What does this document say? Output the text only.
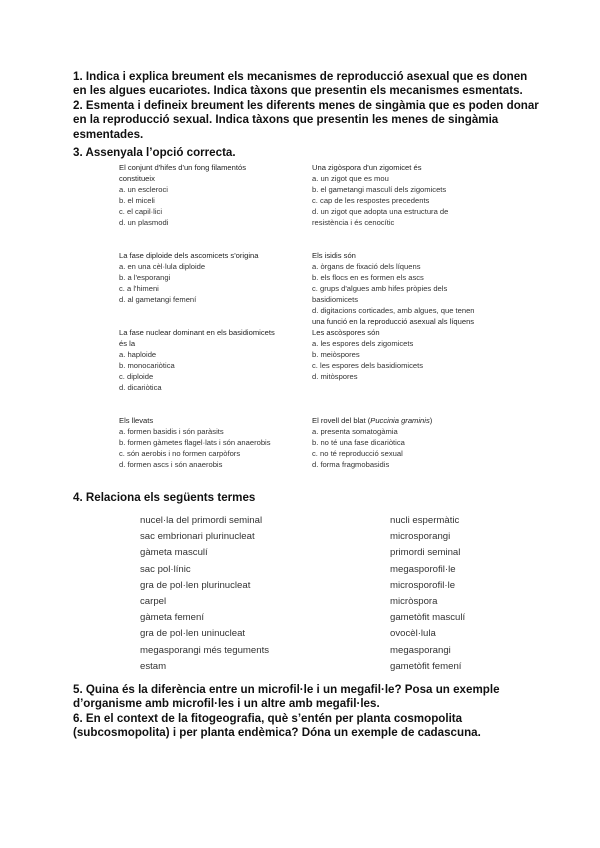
1. Indica i explica breument els mecanismes de reproducció asexual que es donen en les algues eucariotes. Indica tàxons que presentin els mecanismes esmentats.

2. Esmenta i defineix breument les diferents menes de singàmia que es poden donar en la reproducció sexual. Indica tàxons que presentin les menes de singàmia esmentades.

3. Assenyala l’opció correcta.
El conjunt d'hifes d'un fong filamentós
constitueix
a. un escleroci
b. el miceli
c. el capil·lici
d. un plasmodi
La fase diploide dels ascomicets s'origina
a. en una cèl·lula diploide
b. a l'esporangi
c. a l'himeni
d. al gametangi femení
La fase nuclear dominant en els basidiomicets
és la
a. haploide
b. monocariòtica
c. diploide
d. dicariòtica
Els llevats
a. formen basidis i són paràsits
b. formen gàmetes flagel·lats i són anaerobis
c. són aerobis i no formen carpòfors
d. formen ascs i són anaerobis
Una zigòspora d'un zigomicet és
a. un zigot que es mou
b. el gametangi masculí dels zigomicets
c. cap de les respostes precedents
d. un zigot que adopta una estructura de
resistència i és cenocític
Els isidis són
a. òrgans de fixació dels líquens
b. els flocs en es formen els ascs
c. grups d'algues amb hifes pròpies dels
basidiomicets
d. digitacions corticades, amb algues, que tenen
una funció en la reproducció asexual als líquens
Les ascòspores són
a. les espores dels zigomicets
b. meiòspores
c. les espores dels basidiomicets
d. mitòspores
El rovell del blat (Puccinia graminis)
a. presenta somatogàmia
b. no té una fase dicariòtica
c. no té reproducció sexual
d. forma fragmobasidis
4. Relaciona els següents termes
nucel·la del primordi seminal
sac embrionari plurinucleat
gàmeta masculí
sac pol·línic
gra de pol·len plurinucleat
carpel
gàmeta femení
gra de pol·len uninucleat
megasporangi més teguments
estam
nucli espermàtic
microsporangi
primordi seminal
megasporofil·le
microsporofil·le
micròspora
gametòfit masculí
ovocèl·lula
megasporangi
gametòfit femení

5. Quina és la diferència entre un microfil·le i un megafil·le? Posa un exemple d’organisme amb microfil·les i un altre amb megafil·les.

6. En el context de la fitogeografia, què s’entén per planta cosmopolita (subcosmopolita) i per planta endèmica? Dóna un exemple de cadascuna.
